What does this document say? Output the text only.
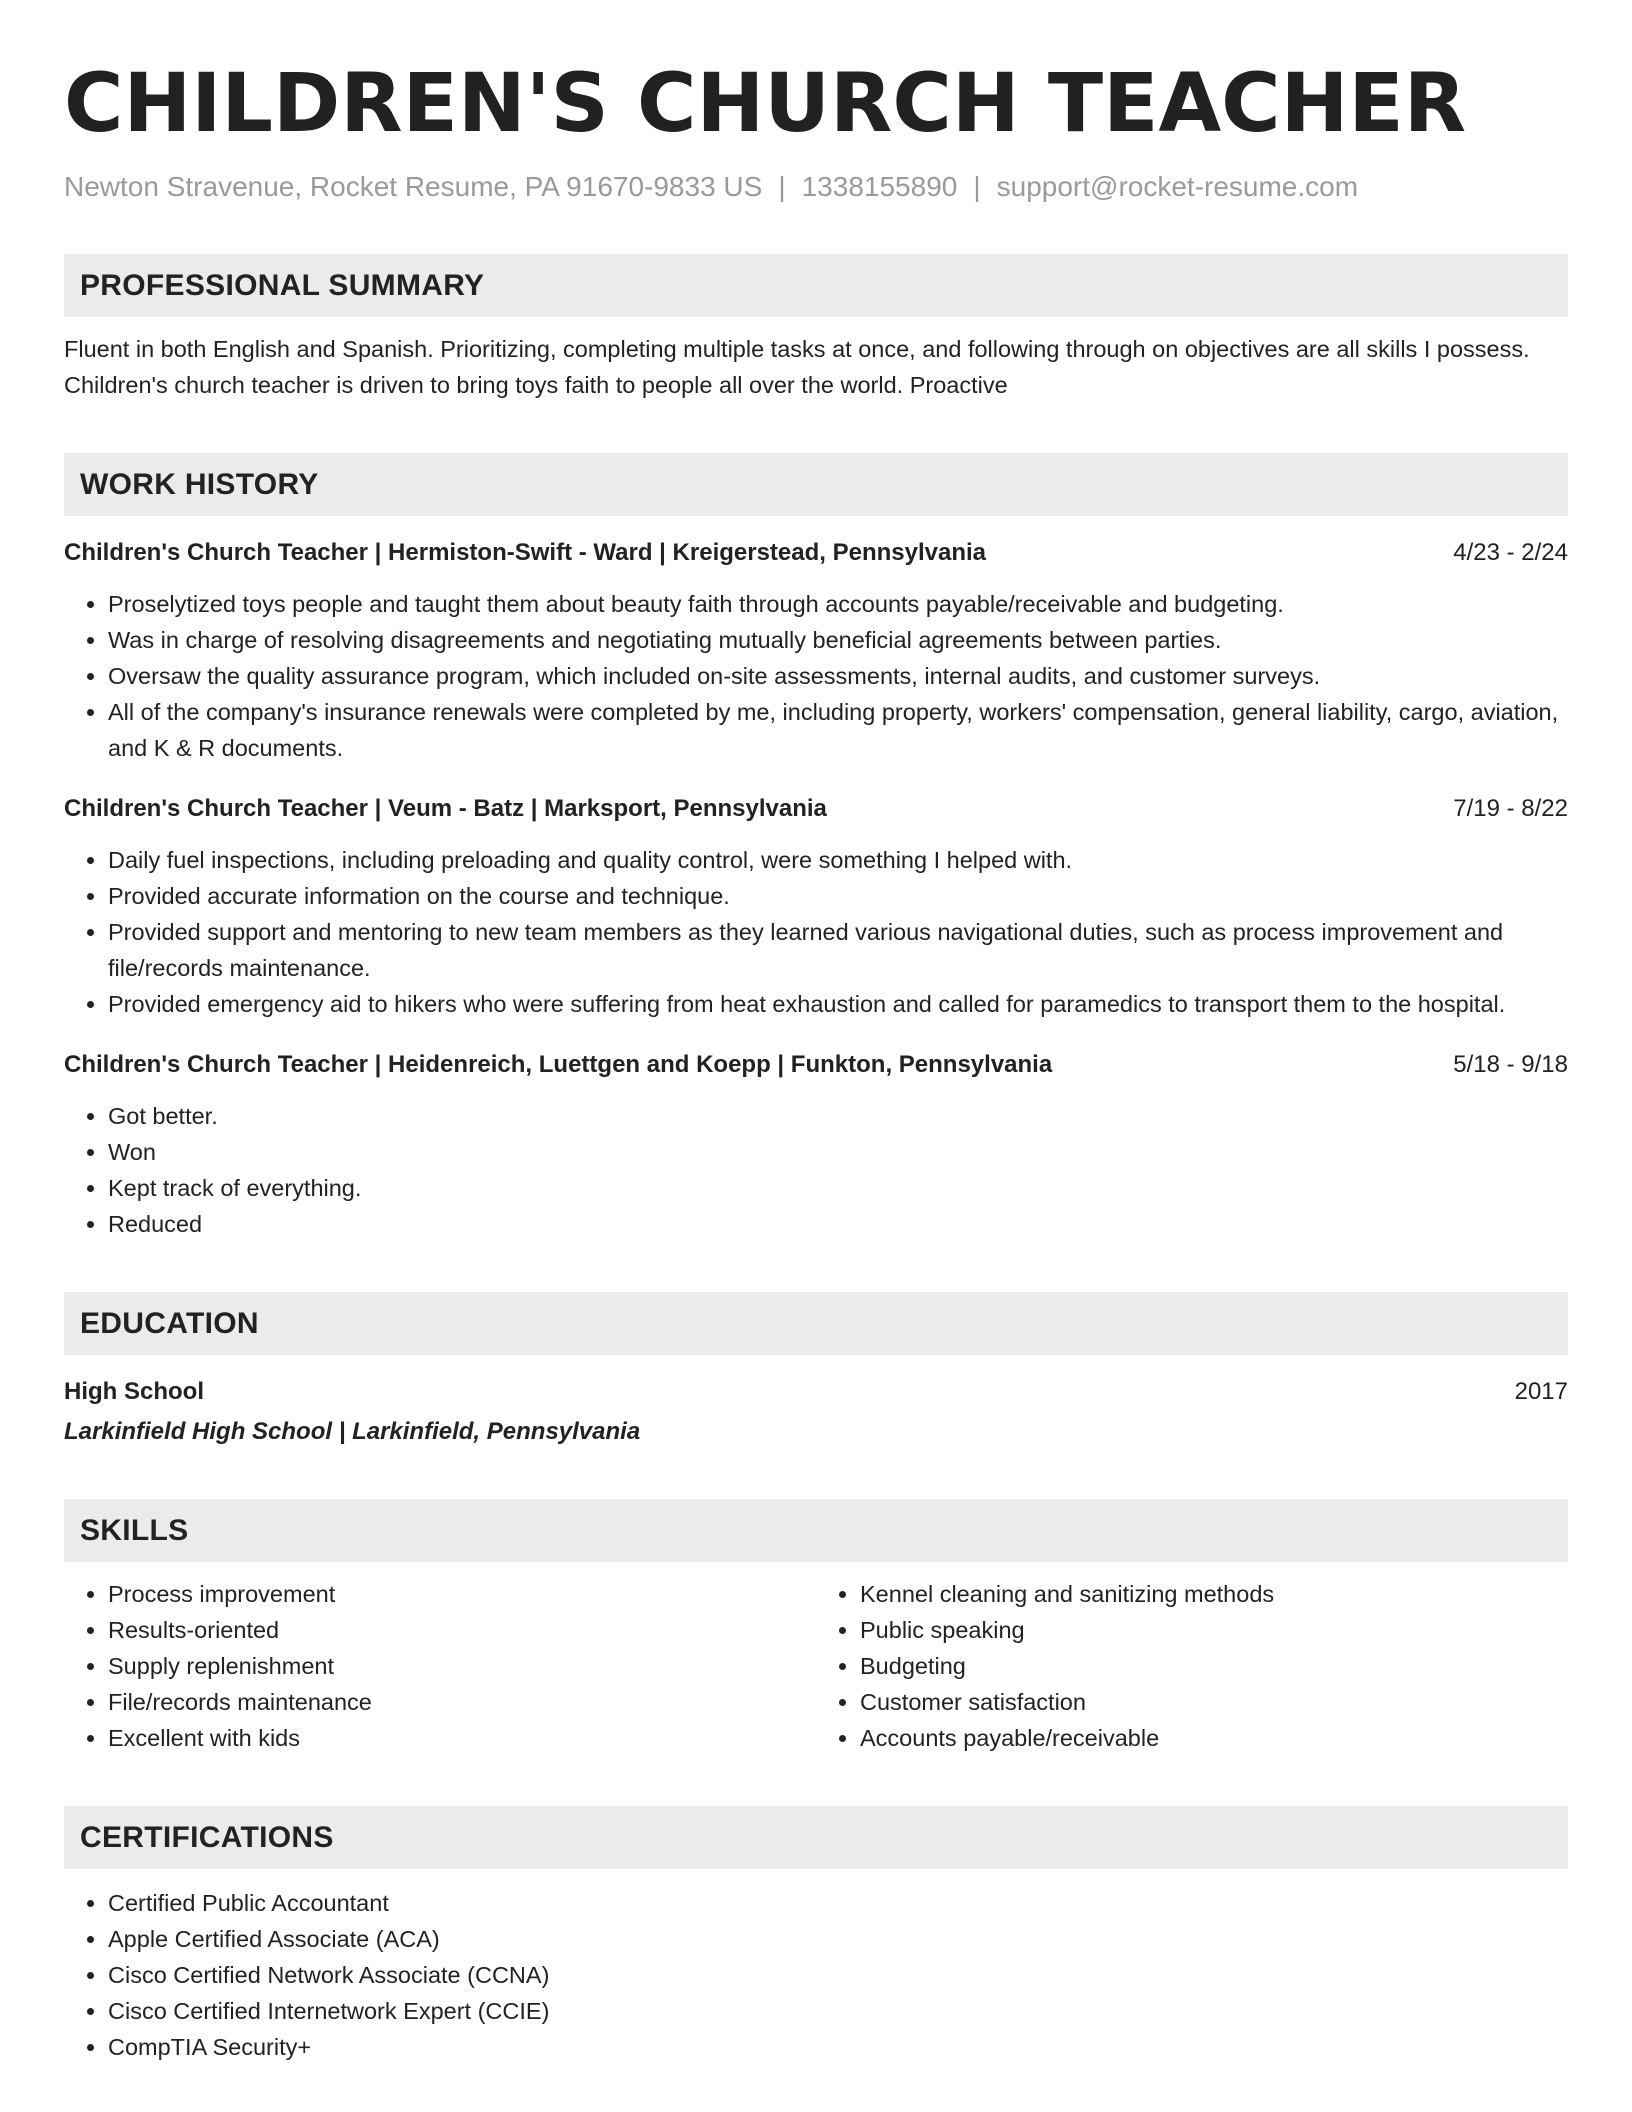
CHILDREN'S CHURCH TEACHER
Newton Stravenue, Rocket Resume, PA 91670-9833 US | 1338155890 | support@rocket-resume.com
PROFESSIONAL SUMMARY
Fluent in both English and Spanish. Prioritizing, completing multiple tasks at once, and following through on objectives are all skills I possess. Children's church teacher is driven to bring toys faith to people all over the world. Proactive
WORK HISTORY
Children's Church Teacher | Hermiston-Swift - Ward | Kreigerstead, Pennsylvania	4/23 - 2/24
• Proselytized toys people and taught them about beauty faith through accounts payable/receivable and budgeting.
• Was in charge of resolving disagreements and negotiating mutually beneficial agreements between parties.
• Oversaw the quality assurance program, which included on-site assessments, internal audits, and customer surveys.
• All of the company's insurance renewals were completed by me, including property, workers' compensation, general liability, cargo, aviation, and K & R documents.
Children's Church Teacher | Veum - Batz | Marksport, Pennsylvania	7/19 - 8/22
• Daily fuel inspections, including preloading and quality control, were something I helped with.
• Provided accurate information on the course and technique.
• Provided support and mentoring to new team members as they learned various navigational duties, such as process improvement and file/records maintenance.
• Provided emergency aid to hikers who were suffering from heat exhaustion and called for paramedics to transport them to the hospital.
Children's Church Teacher | Heidenreich, Luettgen and Koepp | Funkton, Pennsylvania	5/18 - 9/18
• Got better.
• Won
• Kept track of everything.
• Reduced
EDUCATION
High School	2017
Larkinfield High School | Larkinfield, Pennsylvania
SKILLS
• Process improvement
• Results-oriented
• Supply replenishment
• File/records maintenance
• Excellent with kids
• Kennel cleaning and sanitizing methods
• Public speaking
• Budgeting
• Customer satisfaction
• Accounts payable/receivable
CERTIFICATIONS
• Certified Public Accountant
• Apple Certified Associate (ACA)
• Cisco Certified Network Associate (CCNA)
• Cisco Certified Internetwork Expert (CCIE)
• CompTIA Security+
